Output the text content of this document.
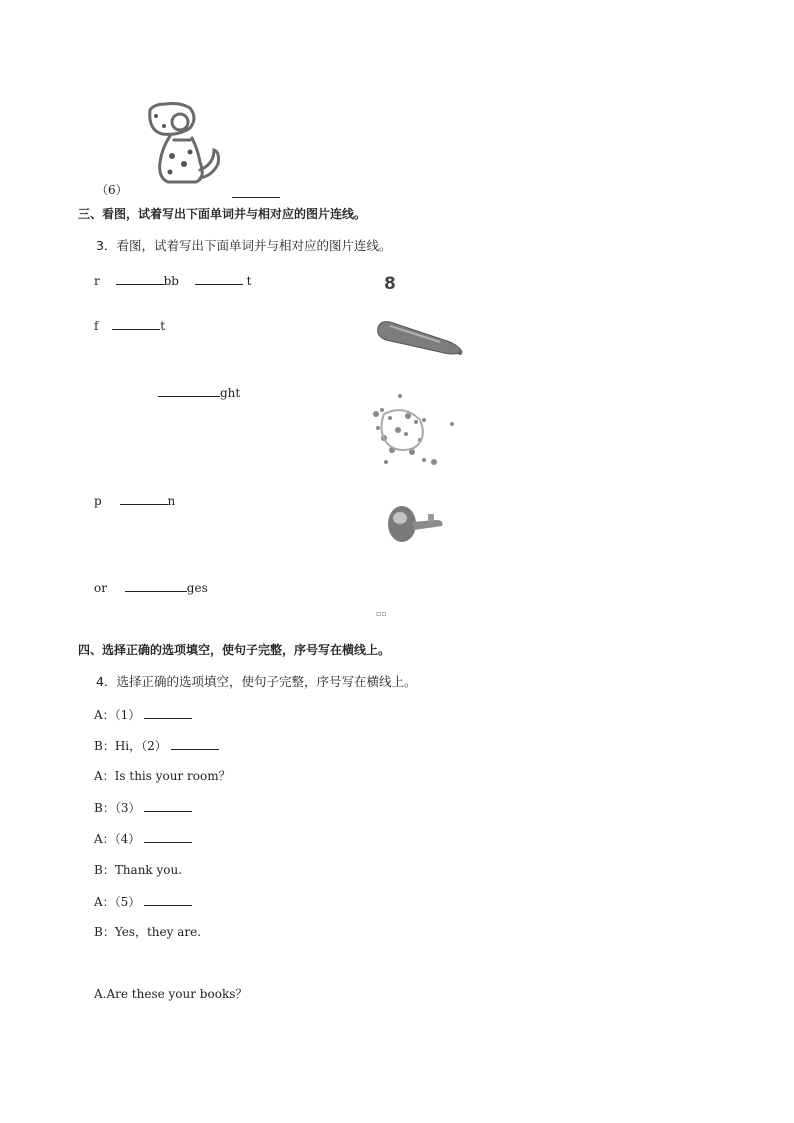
（6）
三、看图，试着写出下面单词并与相对应的图片连线。
3．看图，试着写出下面单词并与相对应的图片连线。
r	bb	t
f	t
ght
p	n
or	ges
8
▫▫
四、选择正确的选项填空，使句子完整，序号写在横线上。
4．选择正确的选项填空，使句子完整，序号写在横线上。
A：（1）
B：Hi，（2）
A：Is this your room？
B：（3）
A：（4）
B：Thank you.
A：（5）
B：Yes，they are.
A.Are these your books？
